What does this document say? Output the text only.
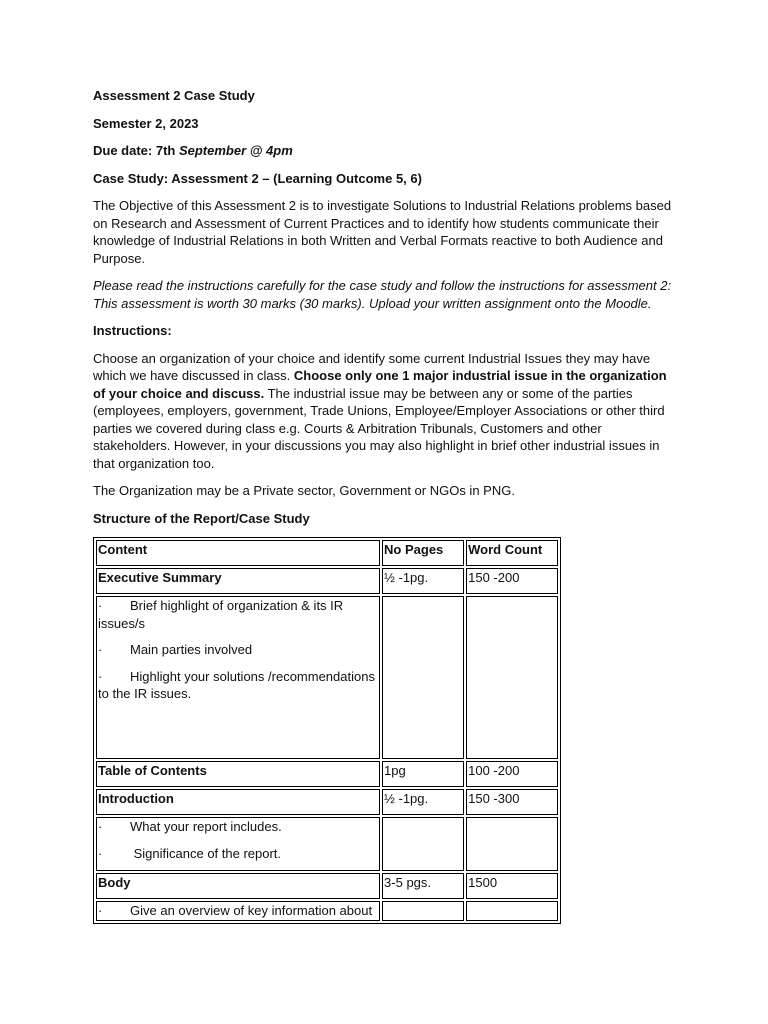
Assessment 2 Case Study

Semester 2, 2023

Due date: 7th September @ 4pm

Case Study: Assessment 2 – (Learning Outcome 5, 6)

The Objective of this Assessment 2 is to investigate Solutions to Industrial Relations problems based on Research and Assessment of Current Practices and to identify how students communicate their knowledge of Industrial Relations in both Written and Verbal Formats reactive to both Audience and Purpose.

Please read the instructions carefully for the case study and follow the instructions for assessment 2: This assessment is worth 30 marks (30 marks). Upload your written assignment onto the Moodle.

Instructions:

Choose an organization of your choice and identify some current Industrial Issues they may have which we have discussed in class. Choose only one 1 major industrial issue in the organization of your choice and discuss. The industrial issue may be between any or some of the parties (employees, employers, government, Trade Unions, Employee/Employer Associations or other third parties we covered during class e.g. Courts & Arbitration Tribunals, Customers and other stakeholders. However, in your discussions you may also highlight in brief other industrial issues in that organization too.

The Organization may be a Private sector, Government or NGOs in PNG.

Structure of the Report/Case Study

Content	No Pages	Word Count
Executive Summary	½ -1pg.	150 -200

· Brief highlight of organization & its IR issues/s
· Main parties involved
· Highlight your solutions /recommendations to the IR issues.		

Table of Contents	1pg	100 -200
Introduction	½ -1pg.	150 -300

· What your report includes.
· Significance of the report.		

Body	3-5 pgs.	1500

· Give an overview of key information about		
